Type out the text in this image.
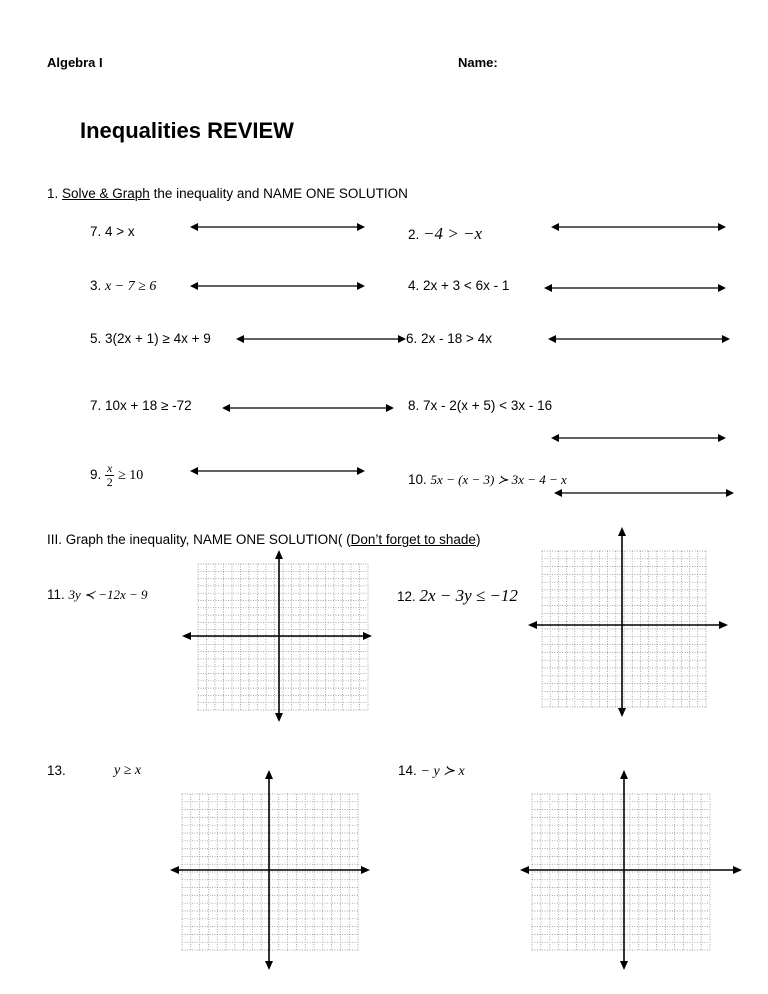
Algebra I	Name:
Inequalities REVIEW
1. Solve & Graph the inequality and NAME ONE SOLUTION
7. 4 > x	2. −4 > −x
3. x − 7 ≥ 6	4. 2x + 3 < 6x - 1
5. 3(2x + 1) ≥ 4x + 9	6. 2x - 18 > 4x
7. 10x + 18 ≥ -72	8. 7x - 2(x + 5) < 3x - 16
9. $\frac{x}{2} \ge 10$	10. 5x − (x − 3) ≻ 3x − 4 − x
III. Graph the inequality, NAME ONE SOLUTION( (Don’t forget to shade)
11. 3y ≺ −12x − 9	12. 2x − 3y ≤ −12
13.	y ≥ x	14. − y ≻ x
